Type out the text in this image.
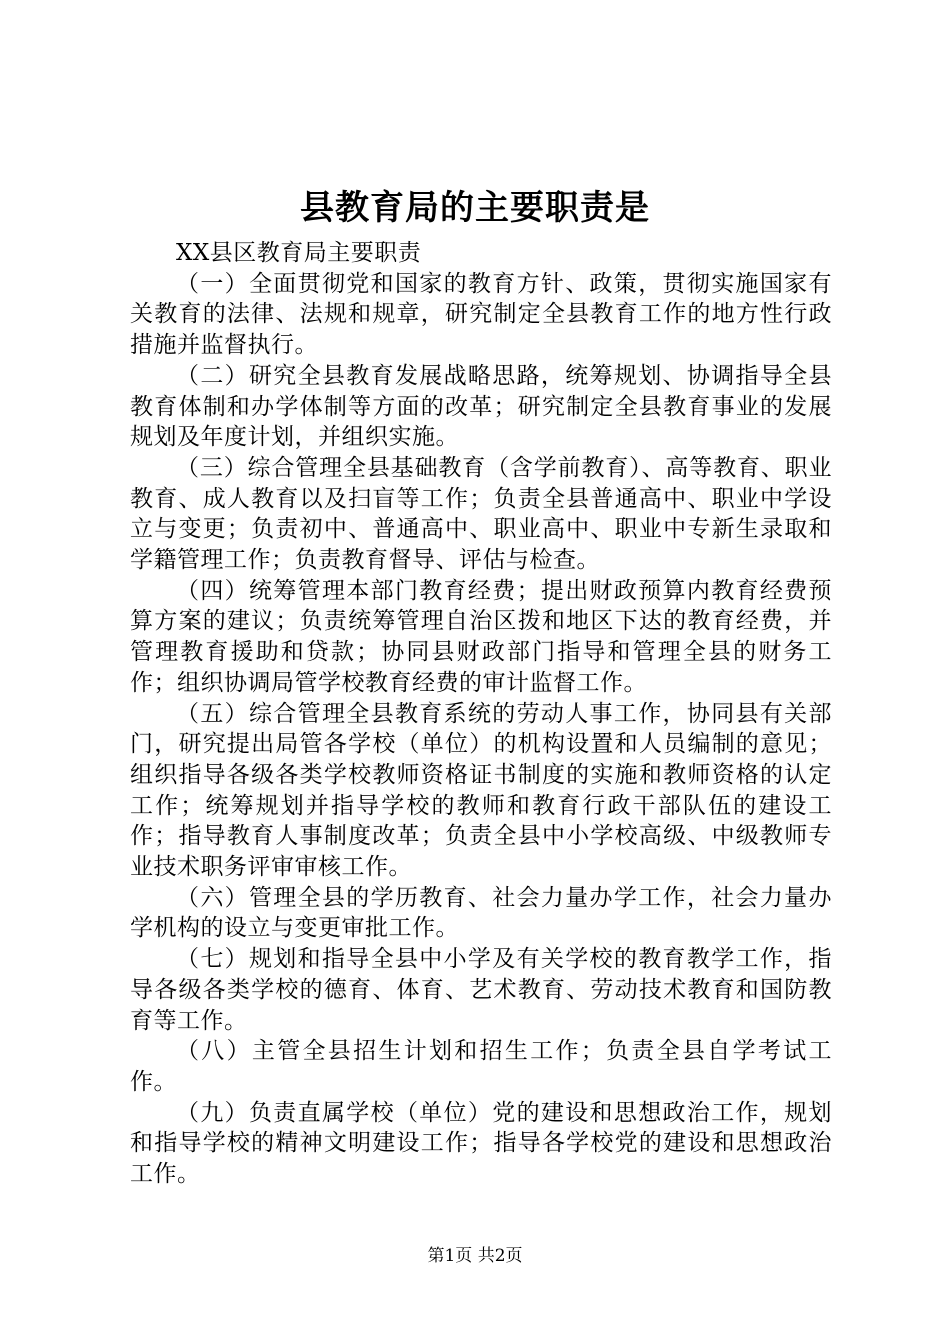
县教育局的主要职责是

XX县区教育局主要职责

（一）全面贯彻党和国家的教育方针、政策，贯彻实施国家有关教育的法律、法规和规章，研究制定全县教育工作的地方性行政措施并监督执行。

（二）研究全县教育发展战略思路，统筹规划、协调指导全县教育体制和办学体制等方面的改革；研究制定全县教育事业的发展规划及年度计划，并组织实施。

（三）综合管理全县基础教育（含学前教育）、高等教育、职业教育、成人教育以及扫盲等工作；负责全县普通高中、职业中学设立与变更；负责初中、普通高中、职业高中、职业中专新生录取和学籍管理工作；负责教育督导、评估与检查。

（四）统筹管理本部门教育经费；提出财政预算内教育经费预算方案的建议；负责统筹管理自治区拨和地区下达的教育经费，并管理教育援助和贷款；协同县财政部门指导和管理全县的财务工作；组织协调局管学校教育经费的审计监督工作。

（五）综合管理全县教育系统的劳动人事工作，协同县有关部门，研究提出局管各学校（单位）的机构设置和人员编制的意见；组织指导各级各类学校教师资格证书制度的实施和教师资格的认定工作；统筹规划并指导学校的教师和教育行政干部队伍的建设工作；指导教育人事制度改革；负责全县中小学校高级、中级教师专业技术职务评审审核工作。

（六）管理全县的学历教育、社会力量办学工作，社会力量办学机构的设立与变更审批工作。

（七）规划和指导全县中小学及有关学校的教育教学工作，指导各级各类学校的德育、体育、艺术教育、劳动技术教育和国防教育等工作。

（八）主管全县招生计划和招生工作；负责全县自学考试工作。

（九）负责直属学校（单位）党的建设和思想政治工作，规划和指导学校的精神文明建设工作；指导各学校党的建设和思想政治工作。

第1页 共2页
